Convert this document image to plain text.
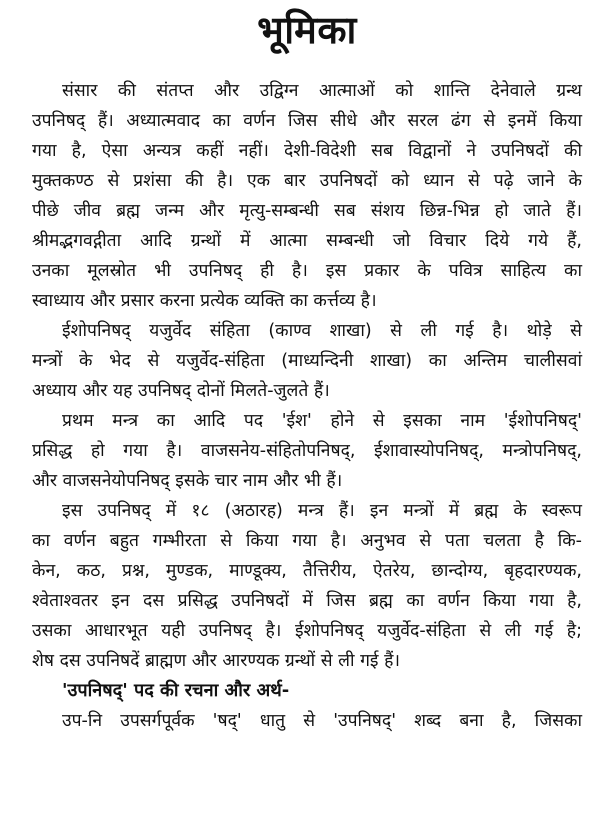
भूमिका

संसार की संतप्त और उद्विग्न आत्माओं को शान्ति देनेवाले ग्रन्थ
उपनिषद् हैं। अध्यात्मवाद का वर्णन जिस सीधे और सरल ढंग से इनमें किया
गया है, ऐसा अन्यत्र कहीं नहीं। देशी-विदेशी सब विद्वानों ने उपनिषदों की
मुक्तकण्ठ से प्रशंसा की है। एक बार उपनिषदों को ध्यान से पढ़े जाने के
पीछे जीव ब्रह्म जन्म और मृत्यु-सम्बन्धी सब संशय छिन्न-भिन्न हो जाते हैं।
श्रीमद्भगवद्गीता आदि ग्रन्थों में आत्मा सम्बन्धी जो विचार दिये गये हैं,
उनका मूलस्रोत भी उपनिषद् ही है। इस प्रकार के पवित्र साहित्य का
स्वाध्याय और प्रसार करना प्रत्येक व्यक्ति का कर्त्तव्य है।

ईशोपनिषद् यजुर्वेद संहिता (काण्व शाखा) से ली गई है। थोड़े से
मन्त्रों के भेद से यजुर्वेद-संहिता (माध्यन्दिनी शाखा) का अन्तिम चालीसवां
अध्याय और यह उपनिषद् दोनों मिलते-जुलते हैं।

प्रथम मन्त्र का आदि पद 'ईश' होने से इसका नाम 'ईशोपनिषद्'
प्रसिद्ध हो गया है। वाजसनेय-संहितोपनिषद्, ईशावास्योपनिषद्, मन्त्रोपनिषद्,
और वाजसनेयोपनिषद् इसके चार नाम और भी हैं।

इस उपनिषद् में १८ (अठारह) मन्त्र हैं। इन मन्त्रों में ब्रह्म के स्वरूप
का वर्णन बहुत गम्भीरता से किया गया है। अनुभव से पता चलता है कि-
केन, कठ, प्रश्न, मुण्डक, माण्डूक्य, तैत्तिरीय, ऐतरेय, छान्दोग्य, बृहदारण्यक,
श्वेताश्वतर इन दस प्रसिद्ध उपनिषदों में जिस ब्रह्म का वर्णन किया गया है,
उसका आधारभूत यही उपनिषद् है। ईशोपनिषद् यजुर्वेद-संहिता से ली गई है;
शेष दस उपनिषदें ब्राह्मण और आरण्यक ग्रन्थों से ली गई हैं।

'उपनिषद्' पद की रचना और अर्थ-

उप-नि उपसर्गपूर्वक 'षद्' धातु से 'उपनिषद्' शब्द बना है, जिसका
